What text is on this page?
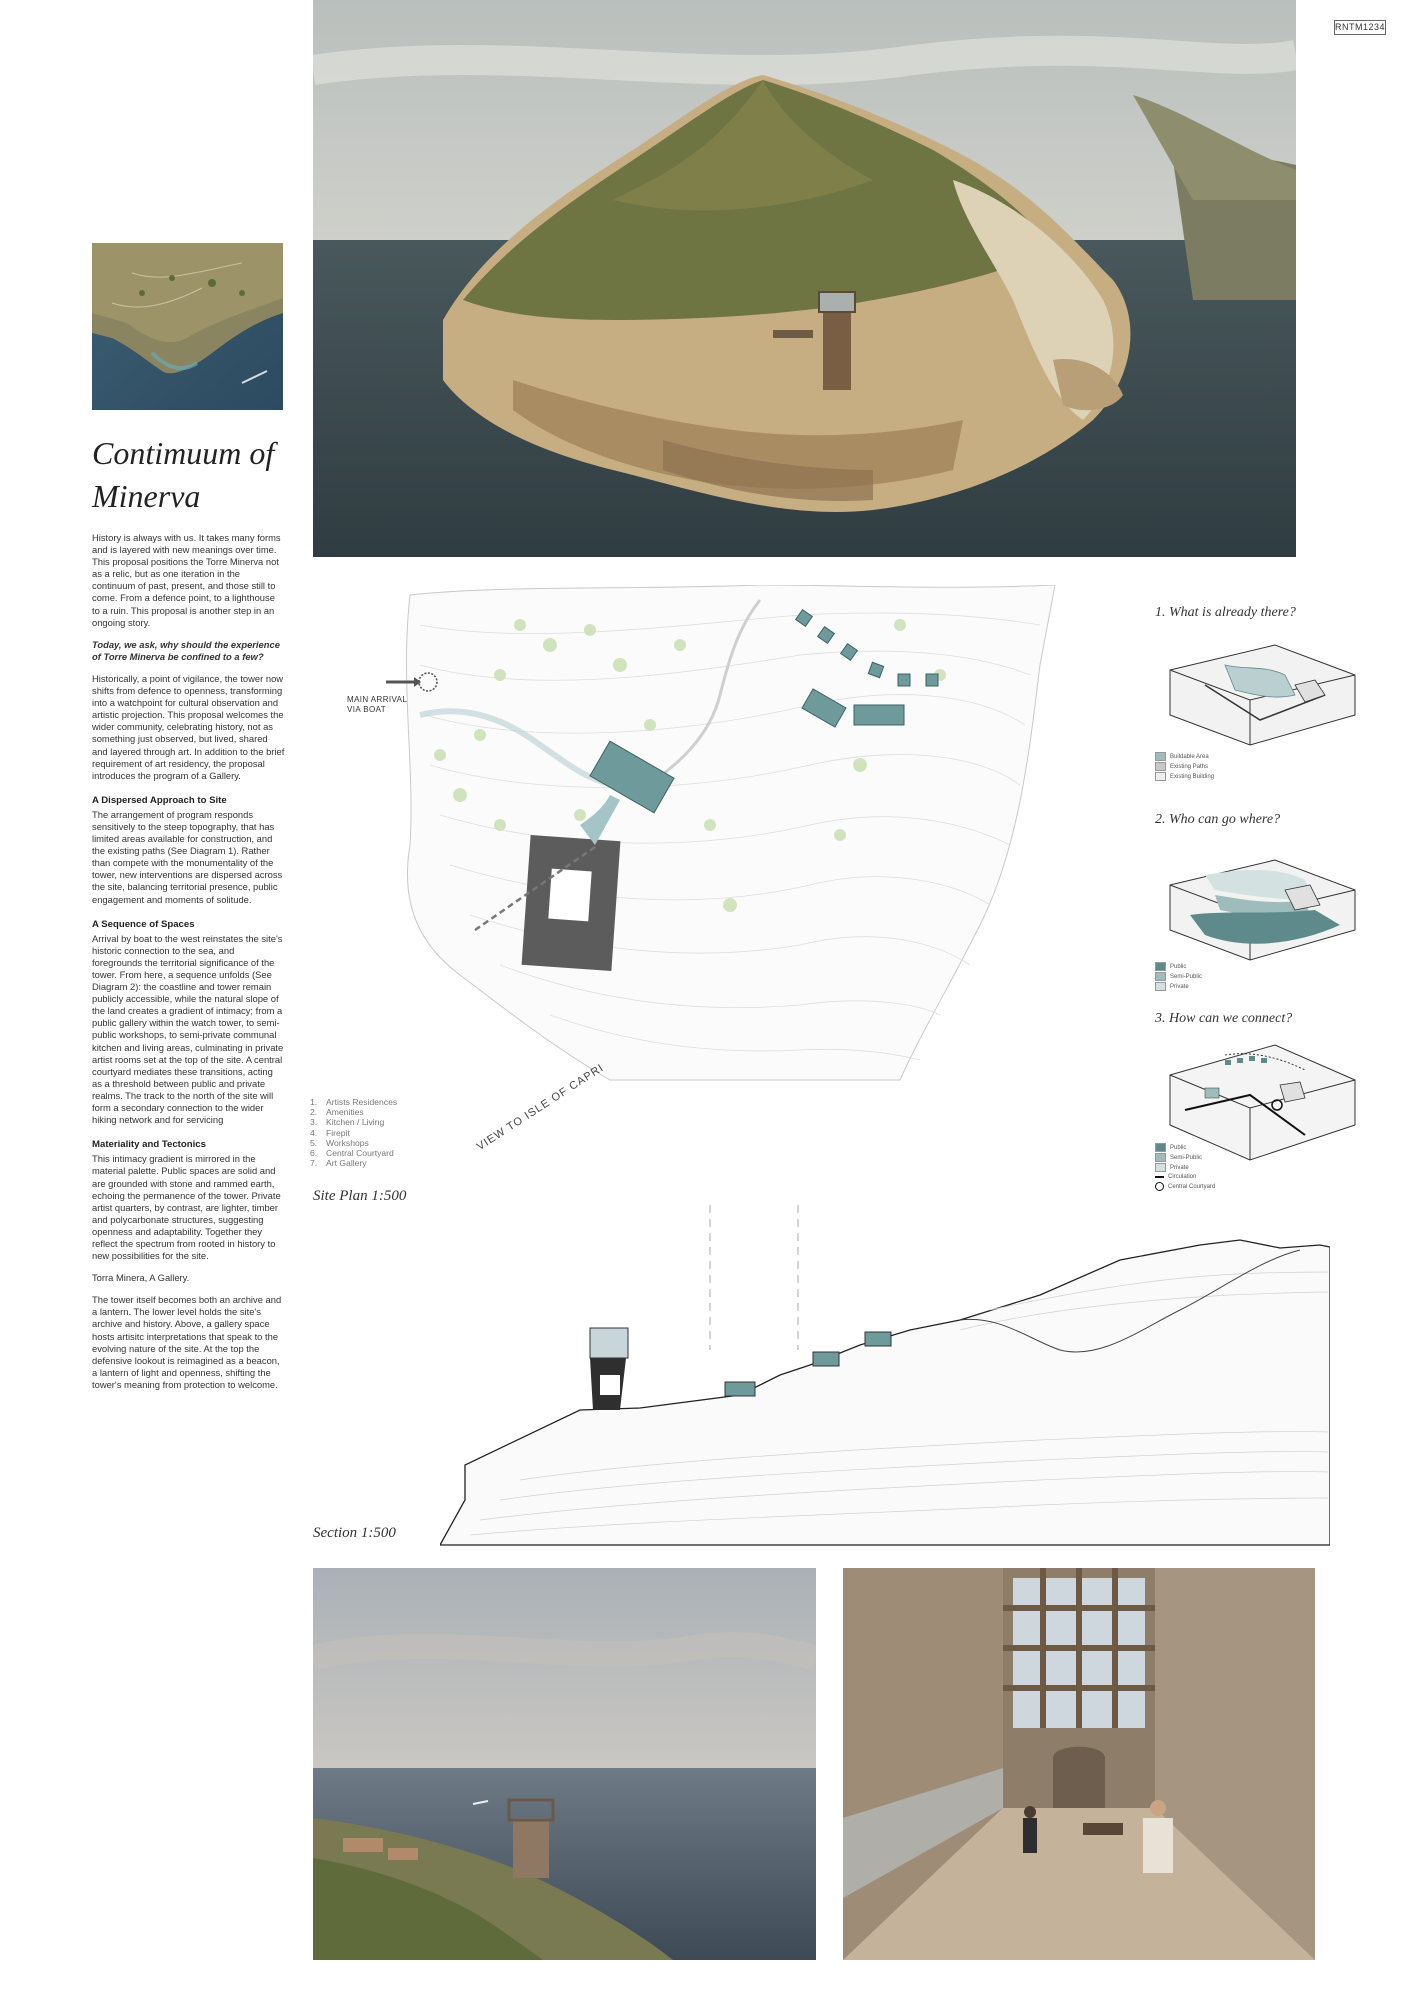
RNTM1234
Contimuum of Minerva

History is always with us. It takes many forms and is layered with new meanings over time. This proposal positions the Torre Minerva not as a relic, but as one iteration in the continuum of past, present, and those still to come. From a defence point, to a lighthouse to a ruin. This proposal is another step in an ongoing story.

Today, we ask, why should the experience of Torre Minerva be confined to a few?

Historically, a point of vigilance, the tower now shifts from defence to openness, transforming into a watchpoint for cultural observation and artistic projection. This proposal welcomes the wider community, celebrating history, not as something just observed, but lived, shared and layered through art. In addition to the brief requirement of art residency, the proposal introduces the program of a Gallery.

A Dispersed Approach to Site

The arrangement of program responds sensitively to the steep topography, that has limited areas available for construction, and the existing paths (See Diagram 1). Rather than compete with the monumentality of the tower, new interventions are dispersed across the site, balancing territorial presence, public engagement and moments of solitude.

A Sequence of Spaces

Arrival by boat to the west reinstates the site's historic connection to the sea, and foregrounds the territorial significance of the tower. From here, a sequence unfolds (See Diagram 2): the coastline and tower remain publicly accessible, while the natural slope of the land creates a gradient of intimacy; from a public gallery within the watch tower, to semi-public workshops, to semi-private communal kitchen and living areas, culminating in private artist rooms set at the top of the site. A central courtyard mediates these transitions, acting as a threshold between public and private realms. The track to the north of the site will form a secondary connection to the wider hiking network and for servicing

Materiality and Tectonics

This intimacy gradient is mirrored in the material palette. Public spaces are solid and are grounded with stone and rammed earth, echoing the permanence of the tower. Private artist quarters, by contrast, are lighter, timber and polycarbonate structures, suggesting openness and adaptability. Together they reflect the spectrum from rooted in history to new possibilities for the site.

Torra Minera, A Gallery.

The tower itself becomes both an archive and a lantern. The lower level holds the site's archive and history. Above, a gallery space hosts artisitc interpretations that speak to the evolving nature of the site. At the top the defensive lookout is reimagined as a beacon, a lantern of light and openness, shifting the tower's meaning from protection to welcome.

MAIN ARRIVAL
VIA BOAT
VIEW TO ISLE OF CAPRI
1. Artists Residences
2. Amenities
3. Kitchen / Living
4. Firepit
5. Workshops
6. Central Courtyard
7. Art Gallery
Site Plan 1:500
1. What is already there?
Buildable Area
Existing Paths
Existing Building
2. Who can go where?
Public
Semi-Public
Private
3. How can we connect?
Public
Semi-Public
Private
Circulation
Central Courtyard
Section 1:500
